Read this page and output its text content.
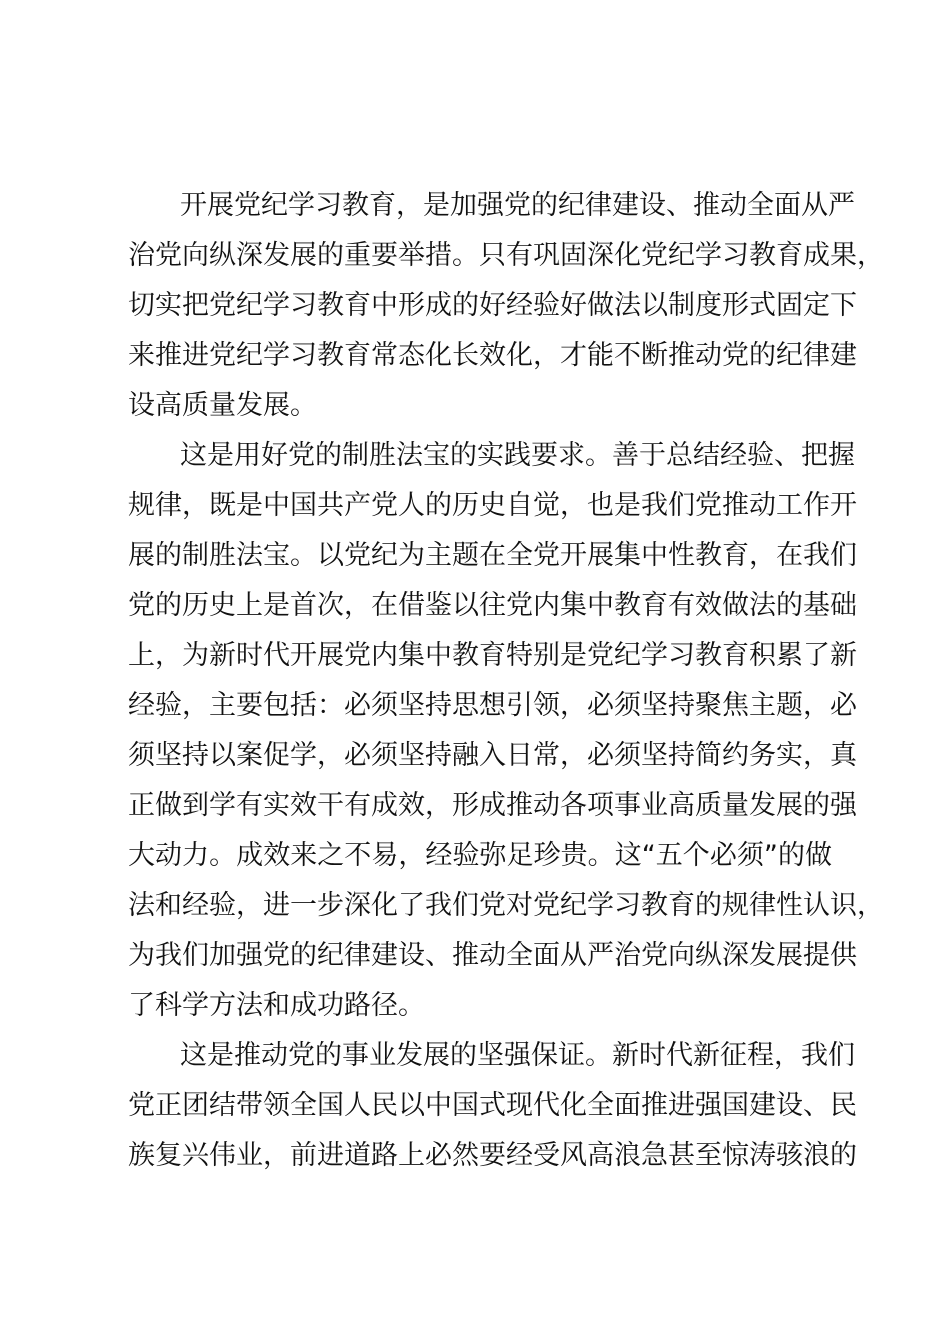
开展党纪学习教育，是加强党的纪律建设、推动全面从严
治党向纵深发展的重要举措。只有巩固深化党纪学习教育成果，
切实把党纪学习教育中形成的好经验好做法以制度形式固定下
来推进党纪学习教育常态化长效化，才能不断推动党的纪律建
设高质量发展。
这是用好党的制胜法宝的实践要求。善于总结经验、把握
规律，既是中国共产党人的历史自觉，也是我们党推动工作开
展的制胜法宝。以党纪为主题在全党开展集中性教育，在我们
党的历史上是首次，在借鉴以往党内集中教育有效做法的基础
上，为新时代开展党内集中教育特别是党纪学习教育积累了新
经验，主要包括：必须坚持思想引领，必须坚持聚焦主题，必
须坚持以案促学，必须坚持融入日常，必须坚持简约务实，真
正做到学有实效干有成效，形成推动各项事业高质量发展的强
大动力。成效来之不易，经验弥足珍贵。这“五个必须”的做
法和经验，进一步深化了我们党对党纪学习教育的规律性认识，
为我们加强党的纪律建设、推动全面从严治党向纵深发展提供
了科学方法和成功路径。
这是推动党的事业发展的坚强保证。新时代新征程，我们
党正团结带领全国人民以中国式现代化全面推进强国建设、民
族复兴伟业，前进道路上必然要经受风高浪急甚至惊涛骇浪的
